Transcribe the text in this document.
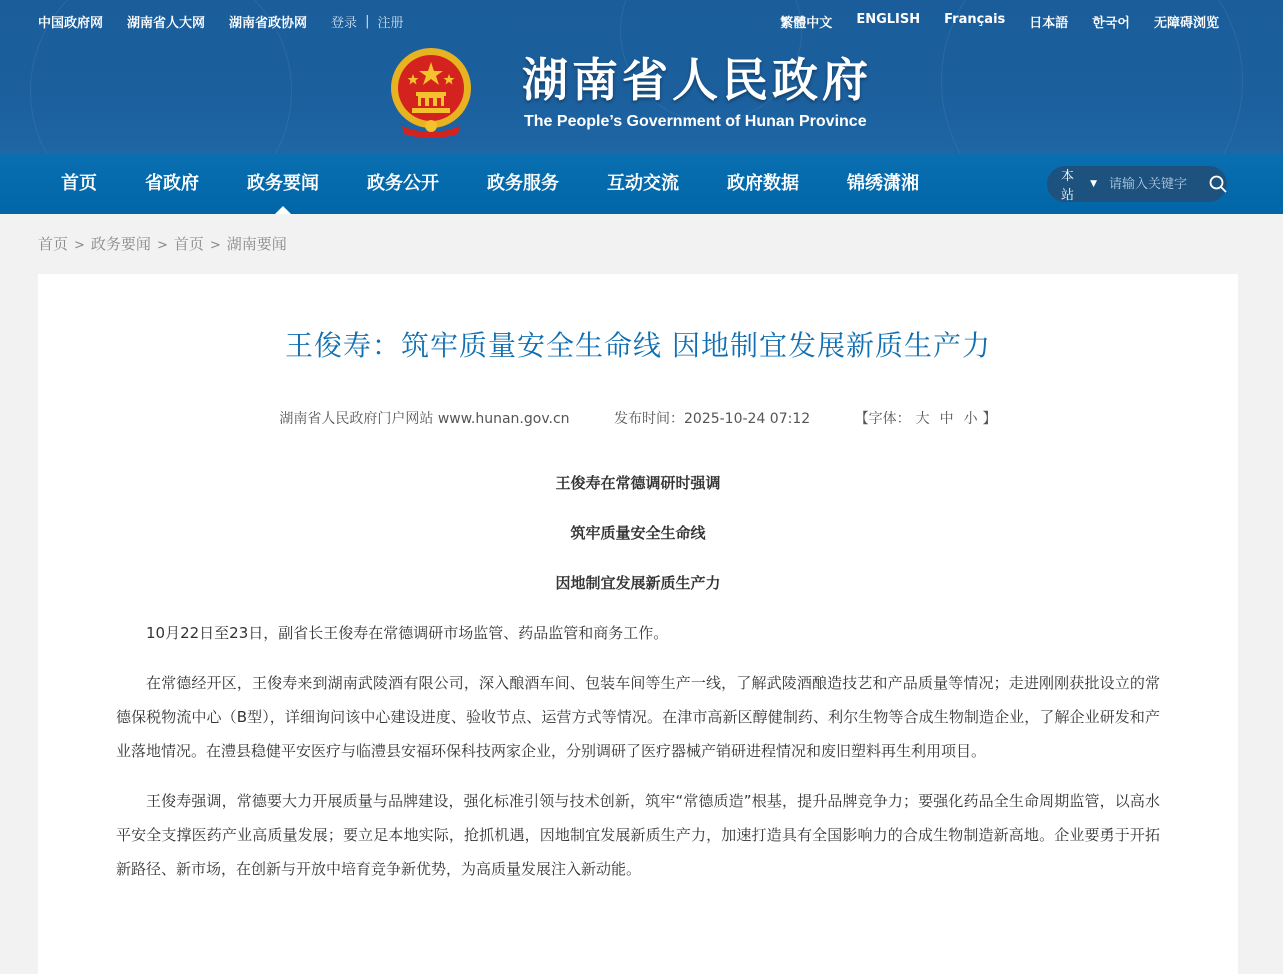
中国政府网 湖南省人大网 湖南省政协网 登录 | 注册	繁體中文 ENGLISH Français 日本語 한국어 无障碍浏览
湖南省人民政府
The People’s Government of Hunan Province
首页	省政府	政务要闻	政务公开	政务服务	互动交流	政府数据	锦绣潇湘	本站
▼
请输入关键字
首页 > 政务要闻 > 首页 > 湖南要闻
王俊寿：筑牢质量安全生命线 因地制宜发展新质生产力
湖南省人民政府门户网站 www.hunan.gov.cn	发布时间：2025-10-24 07:12	【字体： 大 中 小 】
王俊寿在常德调研时强调
筑牢质量安全生命线
因地制宜发展新质生产力

10月22日至23日，副省长王俊寿在常德调研市场监管、药品监管和商务工作。

在常德经开区，王俊寿来到湖南武陵酒有限公司，深入酿酒车间、包装车间等生产一线，了解武陵酒酿造技艺和产品质量等情况；走进刚刚获批设立的常德保税物流中心（B型），详细询问该中心建设进度、验收节点、运营方式等情况。在津市高新区醇健制药、利尔生物等合成生物制造企业，了解企业研发和产业落地情况。在澧县稳健平安医疗与临澧县安福环保科技两家企业，分别调研了医疗器械产销研进程情况和废旧塑料再生利用项目。

王俊寿强调，常德要大力开展质量与品牌建设，强化标准引领与技术创新，筑牢“常德质造”根基，提升品牌竞争力；要强化药品全生命周期监管，以高水平安全支撑医药产业高质量发展；要立足本地实际，抢抓机遇，因地制宜发展新质生产力，加速打造具有全国影响力的合成生物制造新高地。企业要勇于开拓新路径、新市场，在创新与开放中培育竞争新优势，为高质量发展注入新动能。
